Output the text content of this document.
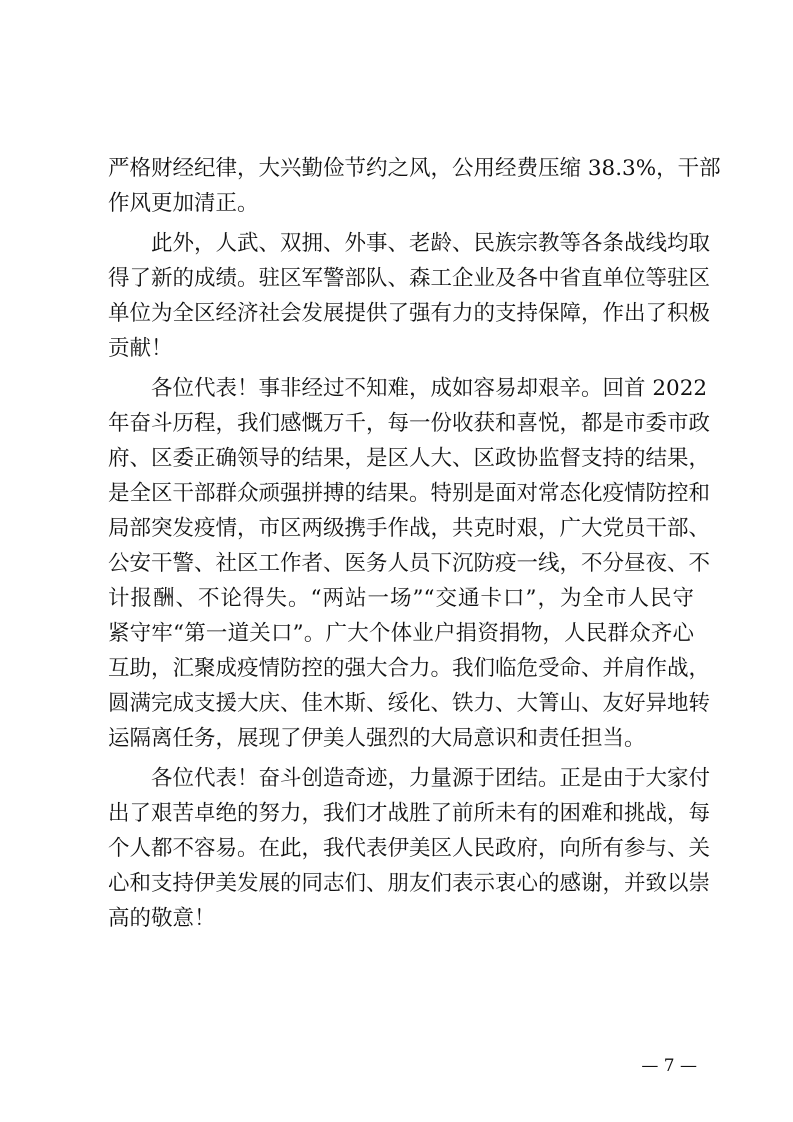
严格财经纪律，大兴勤俭节约之风，公用经费压缩 38.3%，干部
作风更加清正。
　　此外，人武、双拥、外事、老龄、民族宗教等各条战线均取
得了新的成绩。驻区军警部队、森工企业及各中省直单位等驻区
单位为全区经济社会发展提供了强有力的支持保障，作出了积极
贡献！
　　各位代表！事非经过不知难，成如容易却艰辛。回首 2022
年奋斗历程，我们感慨万千，每一份收获和喜悦，都是市委市政
府、区委正确领导的结果，是区人大、区政协监督支持的结果，
是全区干部群众顽强拼搏的结果。特别是面对常态化疫情防控和
局部突发疫情，市区两级携手作战，共克时艰，广大党员干部、
公安干警、社区工作者、医务人员下沉防疫一线，不分昼夜、不
计报酬、不论得失。“两站一场”“交通卡口”，为全市人民守
紧守牢“第一道关口”。广大个体业户捐资捐物，人民群众齐心
互助，汇聚成疫情防控的强大合力。我们临危受命、并肩作战，
圆满完成支援大庆、佳木斯、绥化、铁力、大箐山、友好异地转
运隔离任务，展现了伊美人强烈的大局意识和责任担当。
　　各位代表！奋斗创造奇迹，力量源于团结。正是由于大家付
出了艰苦卓绝的努力，我们才战胜了前所未有的困难和挑战，每
个人都不容易。在此，我代表伊美区人民政府，向所有参与、关
心和支持伊美发展的同志们、朋友们表示衷心的感谢，并致以崇
高的敬意！
— 7 —
